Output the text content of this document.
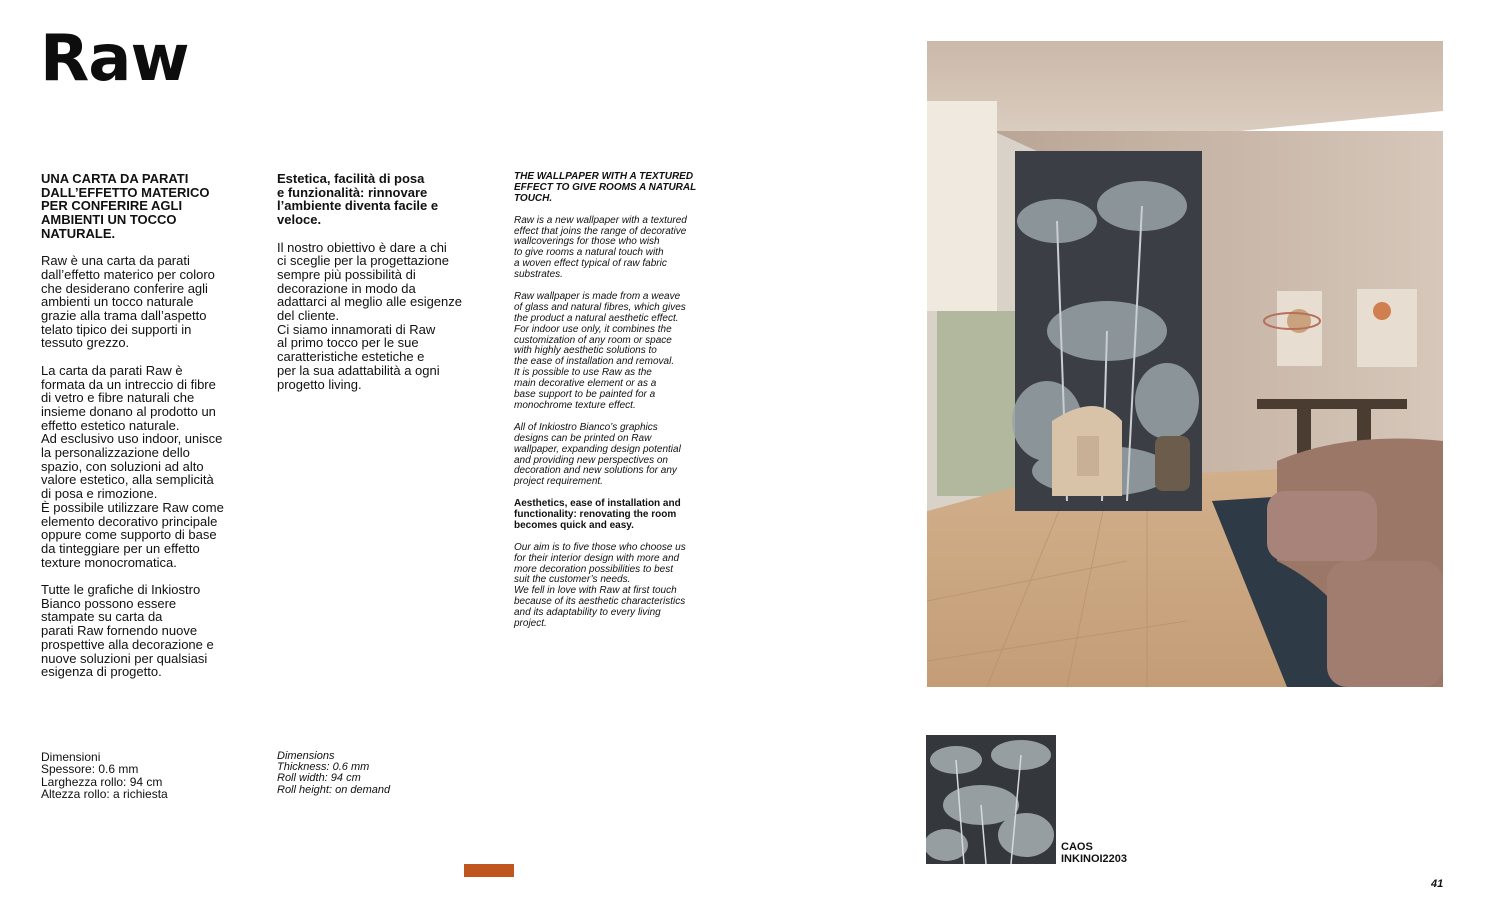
Raw

UNA CARTA DA PARATI
DALL’EFFETTO MATERICO
PER CONFERIRE AGLI
AMBIENTI UN TOCCO
NATURALE.

Raw è una carta da parati
dall’effetto materico per coloro
che desiderano conferire agli
ambienti un tocco naturale
grazie alla trama dall’aspetto
telato tipico dei supporti in
tessuto grezzo.

La carta da parati Raw è
formata da un intreccio di fibre
di vetro e fibre naturali che
insieme donano al prodotto un
effetto estetico naturale.
Ad esclusivo uso indoor, unisce
la personalizzazione dello
spazio, con soluzioni ad alto
valore estetico, alla semplicità
di posa e rimozione.
È possibile utilizzare Raw come
elemento decorativo principale
oppure come supporto di base
da tinteggiare per un effetto
texture monocromatica.

Tutte le grafiche di Inkiostro
Bianco possono essere
stampate su carta da
parati Raw fornendo nuove
prospettive alla decorazione e
nuove soluzioni per qualsiasi
esigenza di progetto.

Estetica, facilità di posa
e funzionalità: rinnovare
l’ambiente diventa facile e
veloce.

Il nostro obiettivo è dare a chi
ci sceglie per la progettazione
sempre più possibilità di
decorazione in modo da
adattarci al meglio alle esigenze
del cliente.
Ci siamo innamorati di Raw
al primo tocco per le sue
caratteristiche estetiche e
per la sua adattabilità a ogni
progetto living.

THE WALLPAPER WITH A TEXTURED
EFFECT TO GIVE ROOMS A NATURAL
TOUCH.

Raw is a new wallpaper with a textured
effect that joins the range of decorative
wallcoverings for those who wish
to give rooms a natural touch with
a woven effect typical of raw fabric
substrates.

Raw wallpaper is made from a weave
of glass and natural fibres, which gives
the product a natural aesthetic effect.
For indoor use only, it combines the
customization of any room or space
with highly aesthetic solutions to
the ease of installation and removal.
It is possible to use Raw as the
main decorative element or as a
base support to be painted for a
monochrome texture effect.

All of Inkiostro Bianco’s graphics
designs can be printed on Raw
wallpaper, expanding design potential
and providing new perspectives on
decoration and new solutions for any
project requirement.

Aesthetics, ease of installation and
functionality: renovating the room
becomes quick and easy.

Our aim is to five those who choose us
for their interior design with more and
more decoration possibilities to best
suit the customer’s needs.
We fell in love with Raw at first touch
because of its aesthetic characteristics
and its adaptability to every living
project.

Dimensioni
Spessore: 0.6 mm
Larghezza rollo: 94 cm
Altezza rollo: a richiesta
Dimensions
Thickness: 0.6 mm
Roll width: 94 cm
Roll height: on demand
CAOS
INKINOI2203
41
